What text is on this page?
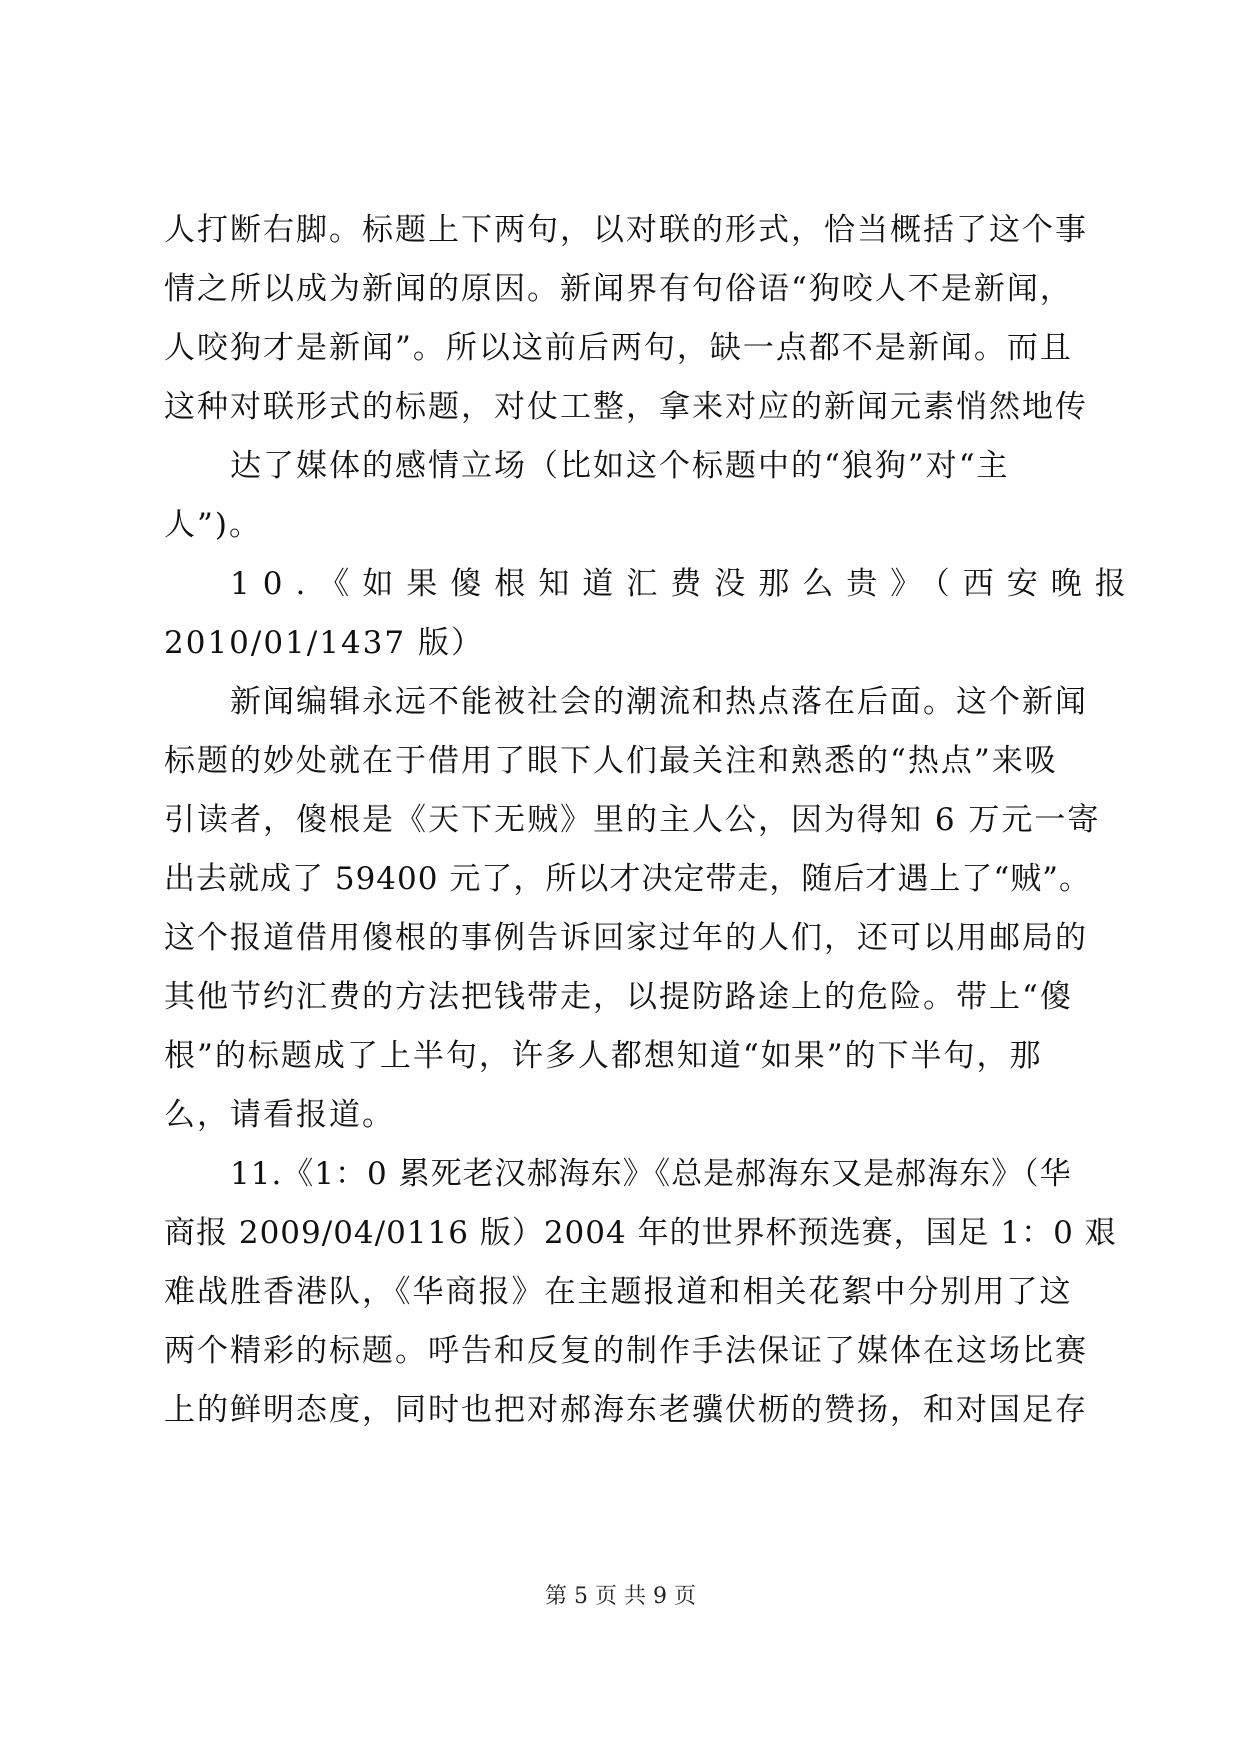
人打断右脚。标题上下两句，以对联的形式，恰当概括了这个事
情之所以成为新闻的原因。新闻界有句俗语“狗咬人不是新闻，
人咬狗才是新闻”。所以这前后两句，缺一点都不是新闻。而且
这种对联形式的标题，对仗工整，拿来对应的新闻元素悄然地传
达了媒体的感情立场（比如这个标题中的“狼狗”对“主
人”)。
10.《如果傻根知道汇费没那么贵》（西安晚报
2010/01/1437 版）
新闻编辑永远不能被社会的潮流和热点落在后面。这个新闻
标题的妙处就在于借用了眼下人们最关注和熟悉的“热点”来吸
引读者，傻根是《天下无贼》里的主人公，因为得知 6 万元一寄
出去就成了 59400 元了，所以才决定带走，随后才遇上了“贼”。
这个报道借用傻根的事例告诉回家过年的人们，还可以用邮局的
其他节约汇费的方法把钱带走，以提防路途上的危险。带上“傻
根”的标题成了上半句，许多人都想知道“如果”的下半句，那
么，请看报道。
11.《1：0 累死老汉郝海东》《总是郝海东又是郝海东》（华
商报 2009/04/0116 版）2004 年的世界杯预选赛，国足 1：0 艰
难战胜香港队，《华商报》在主题报道和相关花絮中分别用了这
两个精彩的标题。呼告和反复的制作手法保证了媒体在这场比赛
上的鲜明态度，同时也把对郝海东老骥伏枥的赞扬，和对国足存
第 5 页 共 9 页
